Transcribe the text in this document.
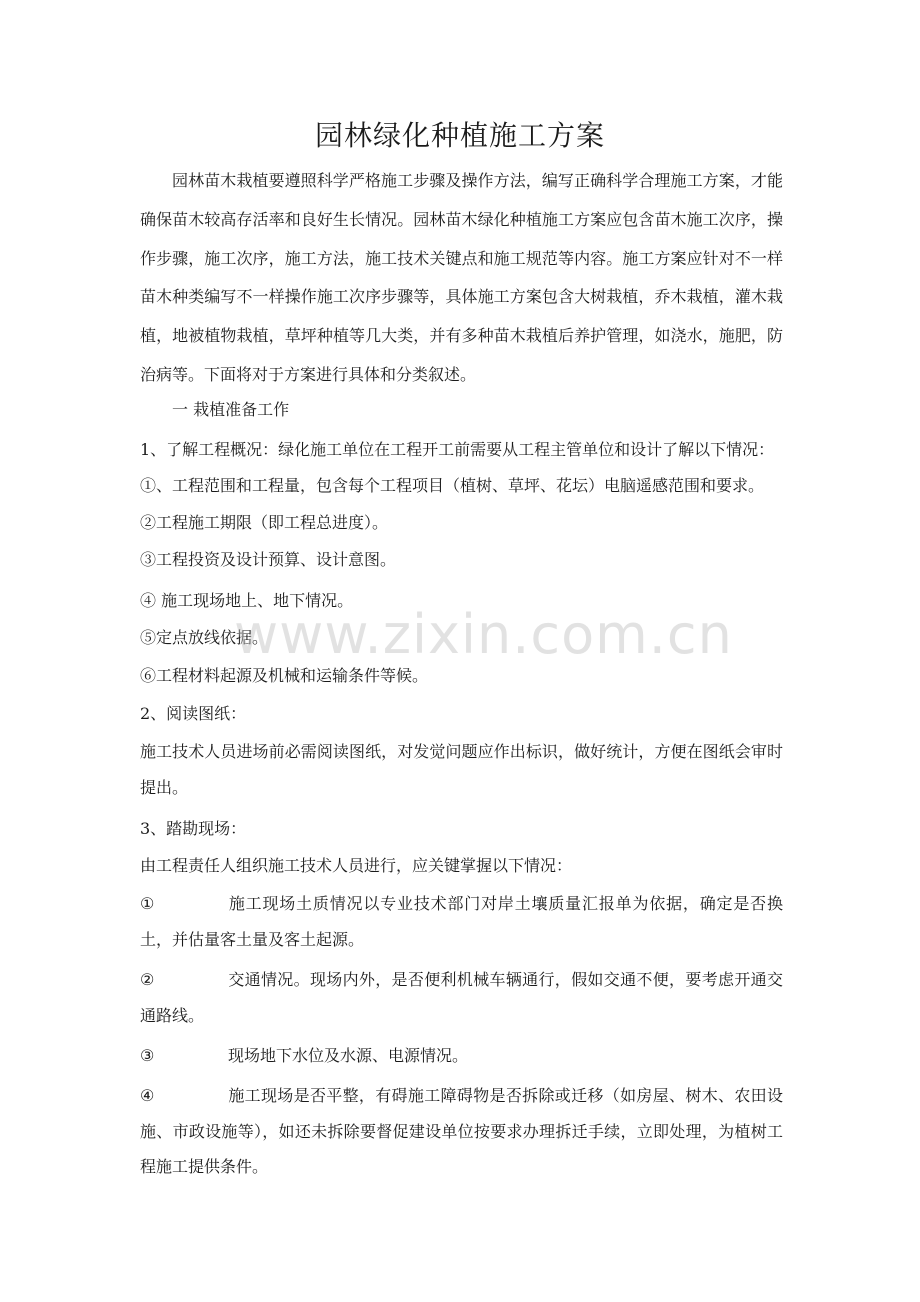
园林绿化种植施工方案
园林苗木栽植要遵照科学严格施工步骤及操作方法，编写正确科学合理施工方案，才能确保苗木较高存活率和良好生长情况。园林苗木绿化种植施工方案应包含苗木施工次序，操作步骤，施工次序，施工方法，施工技术关键点和施工规范等内容。施工方案应针对不一样苗木种类编写不一样操作施工次序步骤等，具体施工方案包含大树栽植，乔木栽植，灌木栽植，地被植物栽植，草坪种植等几大类，并有多种苗木栽植后养护管理，如浇水，施肥，防治病等。下面将对于方案进行具体和分类叙述。
一 栽植准备工作
1、了解工程概况：绿化施工单位在工程开工前需要从工程主管单位和设计了解以下情况：
①、工程范围和工程量，包含每个工程项目（植树、草坪、花坛）电脑遥感范围和要求。
②工程施工期限（即工程总进度）。
③工程投资及设计预算、设计意图。
④ 施工现场地上、地下情况。
⑤定点放线依据。
⑥工程材料起源及机械和运输条件等候。
2、阅读图纸：
施工技术人员进场前必需阅读图纸，对发觉问题应作出标识，做好统计，方便在图纸会审时提出。
3、踏勘现场：
由工程责任人组织施工技术人员进行，应关键掌握以下情况：
①	施工现场土质情况以专业技术部门对岸土壤质量汇报单为依据，确定是否换土，并估量客土量及客土起源。
②	交通情况。现场内外，是否便利机械车辆通行，假如交通不便，要考虑开通交通路线。
③	现场地下水位及水源、电源情况。
④	施工现场是否平整，有碍施工障碍物是否拆除或迁移（如房屋、树木、农田设施、市政设施等），如还未拆除要督促建设单位按要求办理拆迁手续，立即处理，为植树工程施工提供条件。
www.zixin.com.cn
